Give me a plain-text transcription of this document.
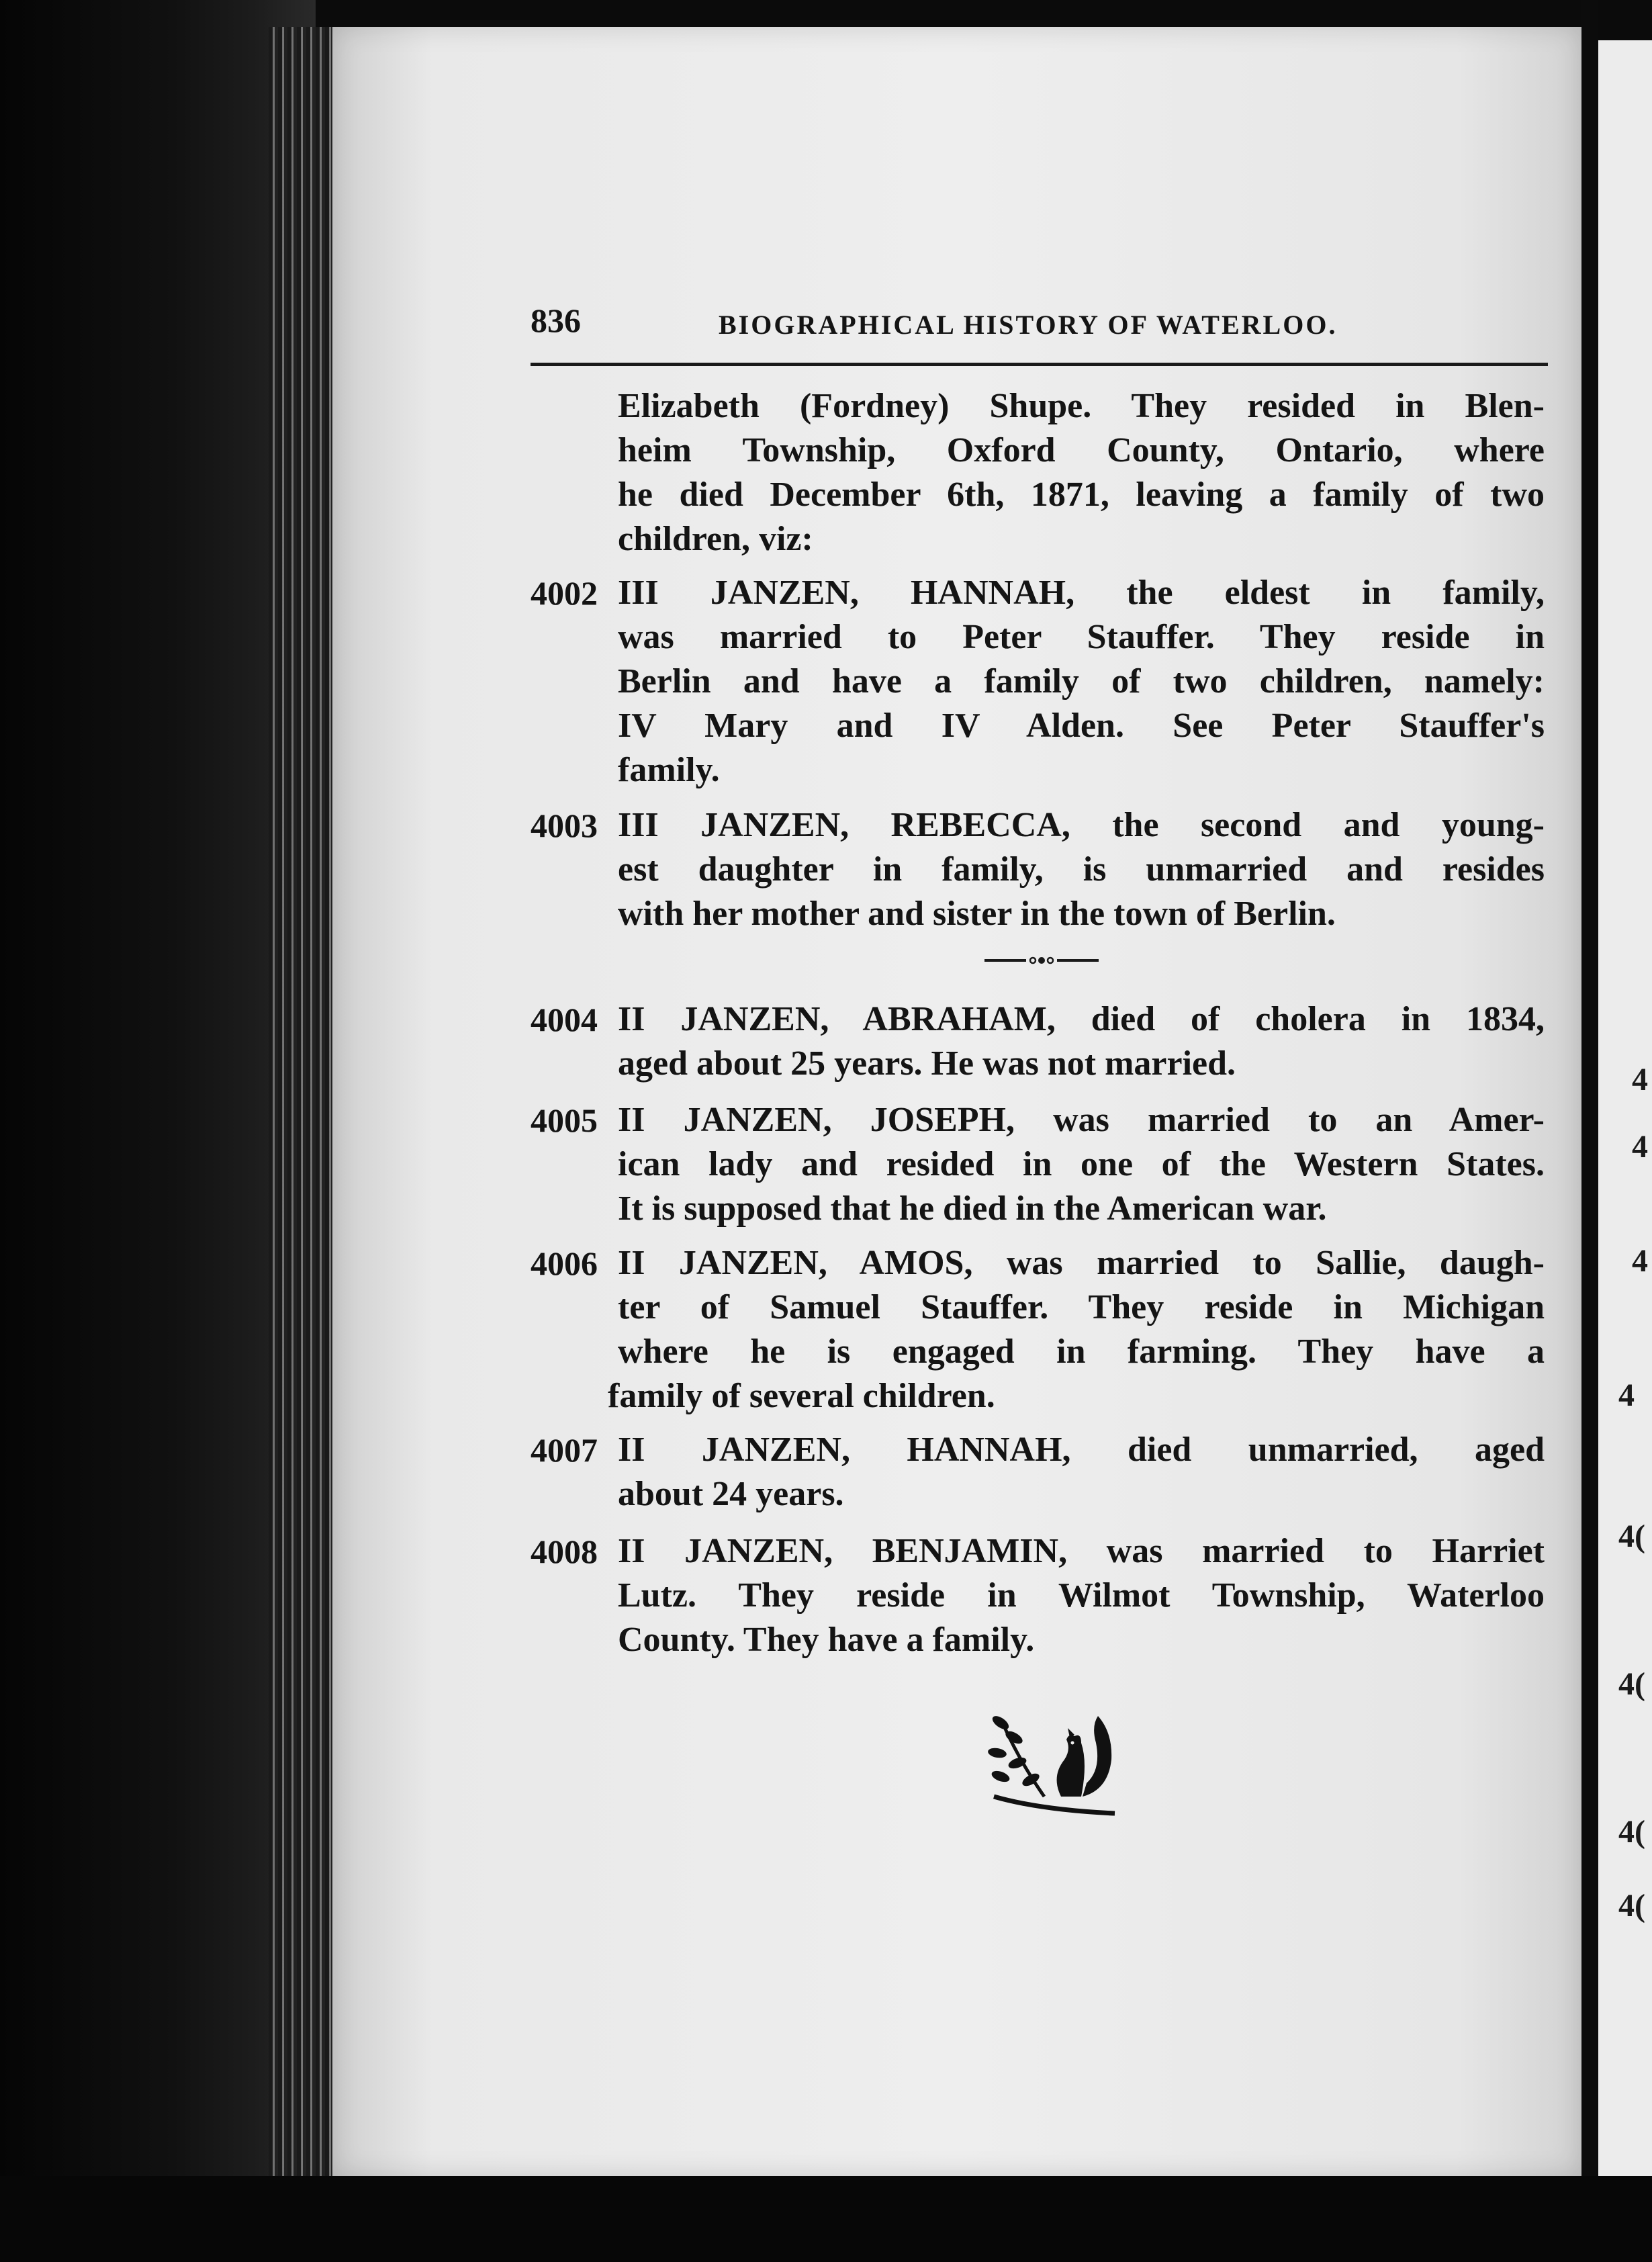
4
4
4
4
4(
4(
4(
4(
836	BIOGRAPHICAL HISTORY OF WATERLOO.
Elizabeth (Fordney) Shupe. They resided in Blen-
heim Township, Oxford County, Ontario, where
he died December 6th, 1871, leaving a family of two
children, viz:
4002 III JANZEN, HANNAH, the eldest in family,
was married to Peter Stauffer. They reside in
Berlin and have a family of two children, namely:
IV Mary and IV Alden. See Peter Stauffer's
family.
4003 III JANZEN, REBECCA, the second and young-
est daughter in family, is unmarried and resides
with her mother and sister in the town of Berlin.
4004 II JANZEN, ABRAHAM, died of cholera in 1834,
aged about 25 years. He was not married.
4005 II JANZEN, JOSEPH, was married to an Amer-
ican lady and resided in one of the Western States.
It is supposed that he died in the American war.
4006 II JANZEN, AMOS, was married to Sallie, daugh-
ter of Samuel Stauffer. They reside in Michigan
where he is engaged in farming. They have a
family of several children.
4007 II JANZEN, HANNAH, died unmarried, aged
about 24 years.
4008 II JANZEN, BENJAMIN, was married to Harriet
Lutz. They reside in Wilmot Township, Waterloo
County. They have a family.
